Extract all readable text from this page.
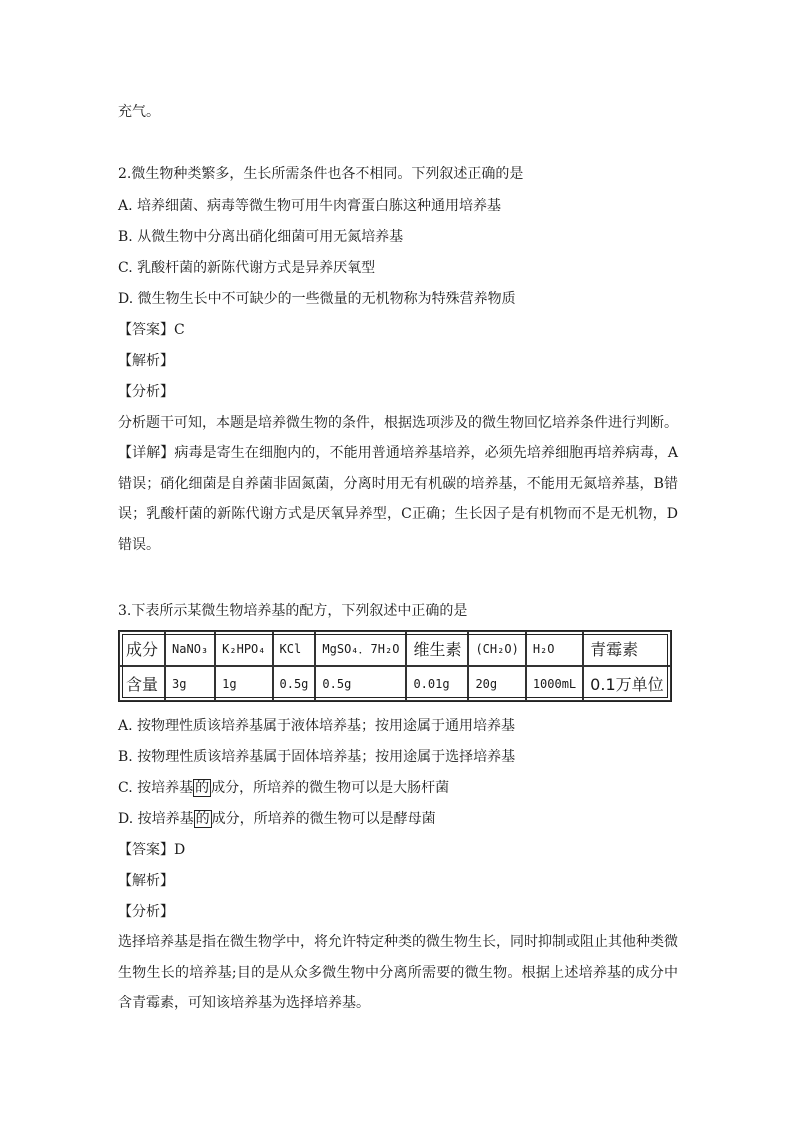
充气。
2.微生物种类繁多，生长所需条件也各不相同。下列叙述正确的是
A. 培养细菌、病毒等微生物可用牛肉膏蛋白胨这种通用培养基
B. 从微生物中分离出硝化细菌可用无氮培养基
C. 乳酸杆菌的新陈代谢方式是异养厌氧型
D. 微生物生长中不可缺少的一些微量的无机物称为特殊营养物质
【答案】C
【解析】
【分析】
分析题干可知，本题是培养微生物的条件，根据选项涉及的微生物回忆培养条件进行判断。
【详解】病毒是寄生在细胞内的，不能用普通培养基培养，必须先培养细胞再培养病毒，A错误；硝化细菌是自养菌非固氮菌，分离时用无有机碳的培养基，不能用无氮培养基，B错误；乳酸杆菌的新陈代谢方式是厌氧异养型，C正确；生长因子是有机物而不是无机物，D错误。
3.下表所示某微生物培养基的配方，下列叙述中正确的是
成分	NaNO₃	K₂HPO₄	KCl	MgSO₄．7H₂O	维生素	(CH₂O)	H₂O	青霉素
含量	3g	1g	0.5g	0.5g	0.01g	20g	1000mL	0.1万单位
A. 按物理性质该培养基属于液体培养基；按用途属于通用培养基
B. 按物理性质该培养基属于固体培养基；按用途属于选择培养基
C. 按培养基 的 成分，所培养的微生物可以是大肠杆菌
D. 按培养基 的 成分，所培养的微生物可以是酵母菌
【答案】D
【解析】
【分析】
选择培养基是指在微生物学中，将允许特定种类的微生物生长，同时抑制或阻止其他种类微生物生长的培养基;目的是从众多微生物中分离所需要的微生物。根据上述培养基的成分中含青霉素，可知该培养基为选择培养基。
